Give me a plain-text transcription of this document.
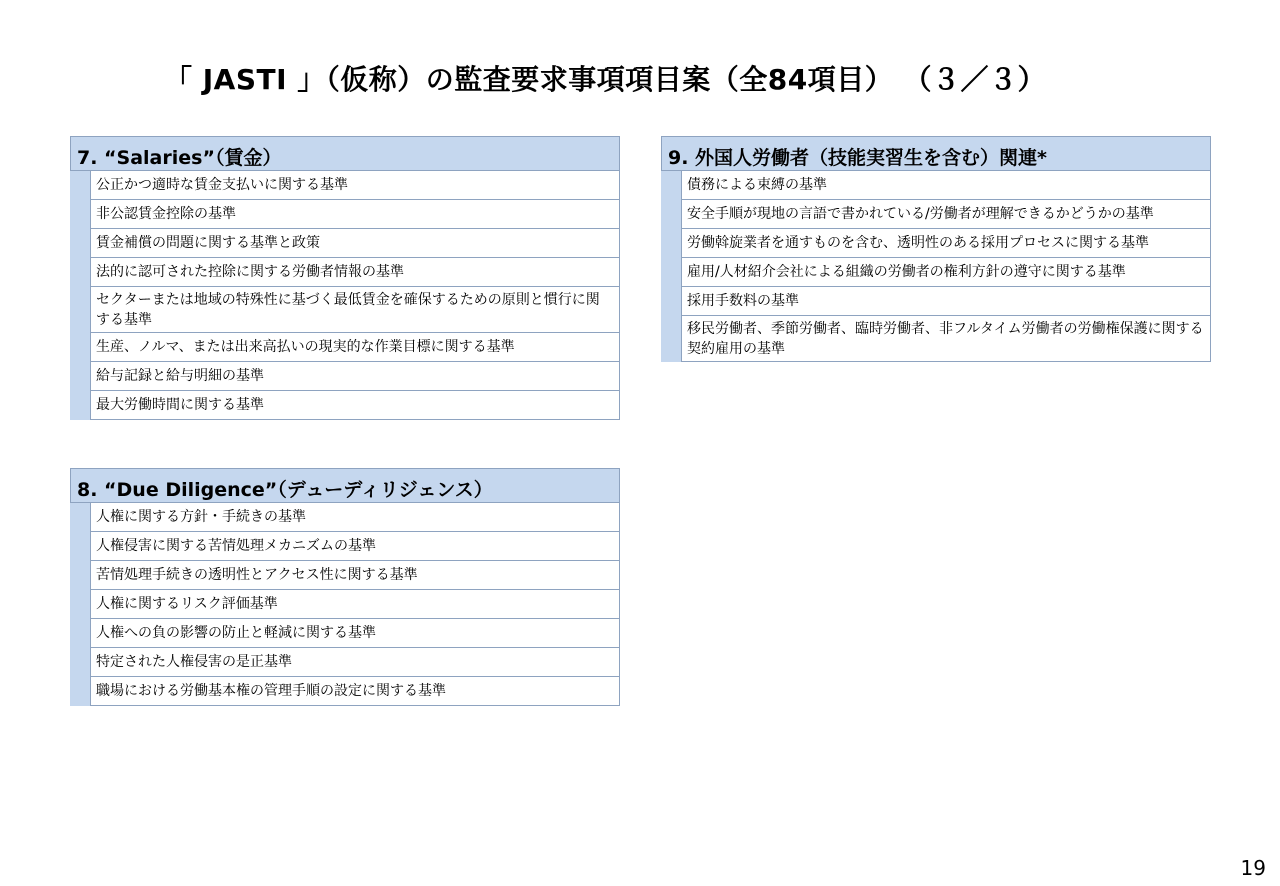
「 JASTI 」（仮称）の監査要求事項項目案（全84項目） （３／３）
7. “Salaries”（賃金）
公正かつ適時な賃金支払いに関する基準
非公認賃金控除の基準
賃金補償の問題に関する基準と政策
法的に認可された控除に関する労働者情報の基準
セクターまたは地域の特殊性に基づく最低賃金を確保するための原則と慣行に関する基準
生産、ノルマ、または出来高払いの現実的な作業目標に関する基準
給与記録と給与明細の基準
最大労働時間に関する基準
8. “Due Diligence”（デューディリジェンス）
人権に関する方針・手続きの基準
人権侵害に関する苦情処理メカニズムの基準
苦情処理手続きの透明性とアクセス性に関する基準
人権に関するリスク評価基準
人権への負の影響の防止と軽減に関する基準
特定された人権侵害の是正基準
職場における労働基本権の管理手順の設定に関する基準
9. 外国人労働者（技能実習生を含む）関連*
債務による束縛の基準
安全手順が現地の言語で書かれている/労働者が理解できるかどうかの基準
労働斡旋業者を通すものを含む、透明性のある採用プロセスに関する基準
雇用/人材紹介会社による組織の労働者の権利方針の遵守に関する基準
採用手数料の基準
移民労働者、季節労働者、臨時労働者、非フルタイム労働者の労働権保護に関する契約雇用の基準
19
